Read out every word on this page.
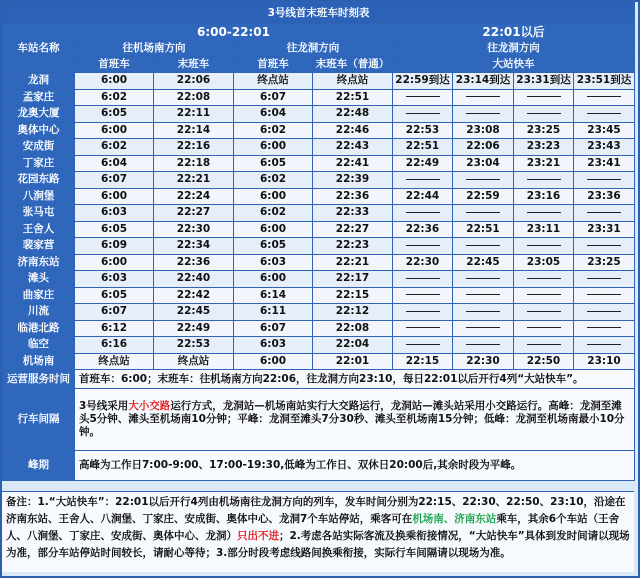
3号线首末班车时刻表								
车站名称	6:00-22:01				22:01以后			
	往机场南方向		往龙洞方向		往龙洞方向			
	首班车	末班车	首班车	末班车（普通）	大站快车			
龙洞	6:00	22:06	终点站	终点站	22:59到达	23:14到达	23:31到达	23:51到达
孟家庄	6:02	22:08	6:07	22:51				
龙奥大厦	6:05	22:11	6:04	22:48				
奥体中心	6:00	22:14	6:02	22:46	22:53	23:08	23:25	23:45
安成街	6:02	22:16	6:00	22:43	22:51	22:06	23:23	23:43
丁家庄	6:04	22:18	6:05	22:41	22:49	23:04	23:21	23:41
花园东路	6:07	22:21	6:02	22:39				
八涧堡	6:00	22:24	6:00	22:36	22:44	22:59	23:16	23:36
张马屯	6:03	22:27	6:02	22:33				
王舍人	6:05	22:30	6:00	22:27	22:36	22:51	23:11	23:31
裴家营	6:09	22:34	6:05	22:23				
济南东站	6:00	22:36	6:03	22:21	22:30	22:45	23:05	23:25
滩头	6:03	22:40	6:00	22:17				
曲家庄	6:05	22:42	6:14	22:15				
川流	6:07	22:45	6:11	22:12				
临港北路	6:12	22:49	6:07	22:08				
临空	6:16	22:53	6:03	22:04				
机场南	终点站	终点站	6:00	22:01	22:15	22:30	22:50	23:10
运营服务时间	首班车：6:00；末班车：往机场南方向22:06，往龙洞方向23:10，每日22:01以后开行4列“大站快车”。							
行车间隔	3号线采用大小交路运行方式，龙洞站—机场南站实行大交路运行，龙洞站—滩头站采用小交路运行。高峰：龙洞至滩头5分钟、滩头至机场南10分钟；平峰：龙洞至滩头7分30秒、滩头至机场南15分钟；低峰：龙洞至机场南最小10分钟。							
峰期	高峰为工作日7:00-9:00、17:00-19:30,低峰为工作日、双休日20:00后,其余时段为平峰。							
备注：1.“大站快车”：22:01以后开行4列由机场南往龙洞方向的列车，发车时间分别为22:15、22:30、22:50、23:10，沿途在济南东站、王舍人、八涧堡、丁家庄、安成街、奥体中心、龙洞7个车站停站，乘客可在机场南、济南东站乘车，其余6个车站（王舍人、八涧堡、丁家庄、安成街、奥体中心、龙洞）只出不进；2.考虑各站实际客流及换乘衔接情况，“大站快车”具体到发时间请以现场为准，部分车站停站时间较长，请耐心等待；3.部分时段考虑线路间换乘衔接，实际行车间隔请以现场为准。
